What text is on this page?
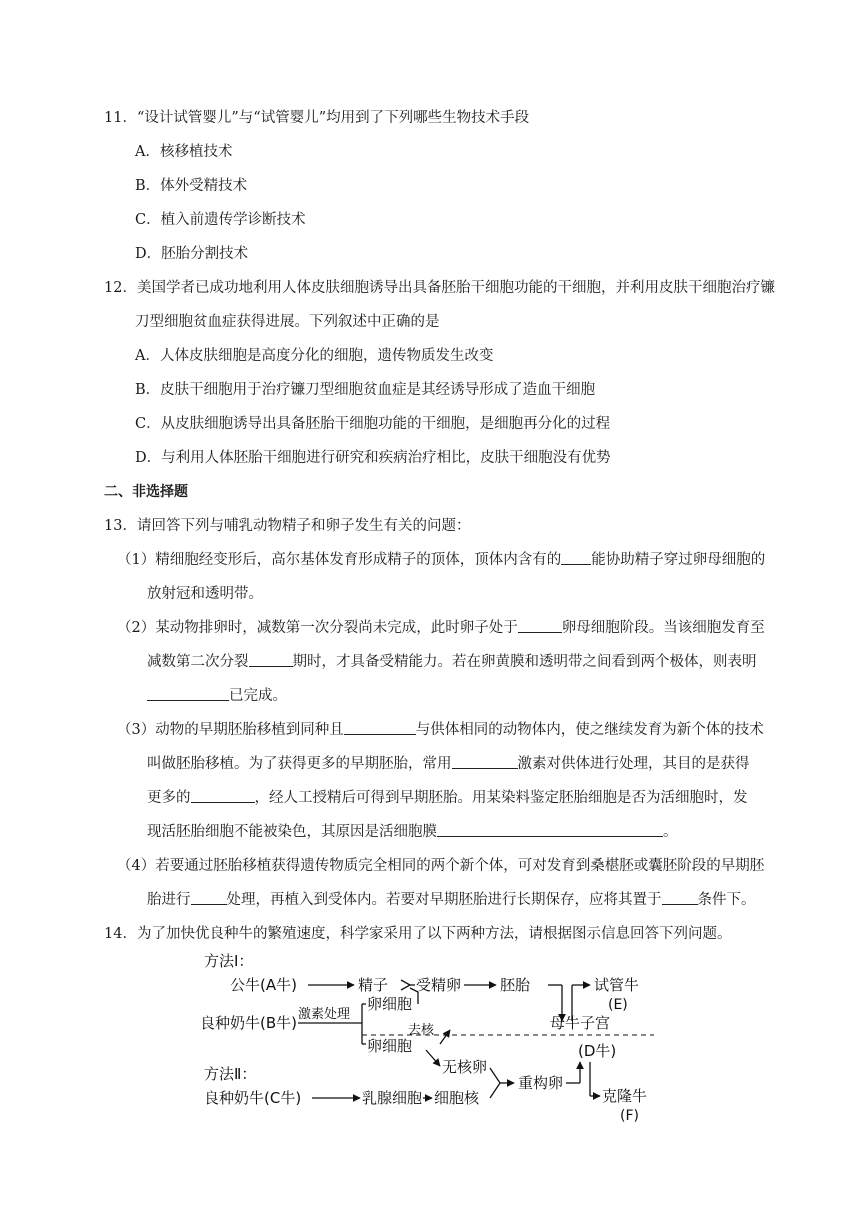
11．“设计试管婴儿”与“试管婴儿”均用到了下列哪些生物技术手段
A．核移植技术
B．体外受精技术
C．植入前遗传学诊断技术
D．胚胎分割技术
12．美国学者已成功地利用人体皮肤细胞诱导出具备胚胎干细胞功能的干细胞，并利用皮肤干细胞治疗镰
刀型细胞贫血症获得进展。下列叙述中正确的是
A．人体皮肤细胞是高度分化的细胞，遗传物质发生改变
B．皮肤干细胞用于治疗镰刀型细胞贫血症是其经诱导形成了造血干细胞
C．从皮肤细胞诱导出具备胚胎干细胞功能的干细胞，是细胞再分化的过程
D．与利用人体胚胎干细胞进行研究和疾病治疗相比，皮肤干细胞没有优势
二、非选择题
13．请回答下列与哺乳动物精子和卵子发生有关的问题：
（1）精细胞经变形后，高尔基体发育形成精子的顶体，顶体内含有的 能协助精子穿过卵母细胞的
放射冠和透明带。
（2）某动物排卵时，减数第一次分裂尚未完成，此时卵子处于	卵母细胞阶段。当该细胞发育至
减数第二次分裂	期时，才具备受精能力。若在卵黄膜和透明带之间看到两个极体，则表明
已完成。
（3）动物的早期胚胎移植到同种且	与供体相同的动物体内，使之继续发育为新个体的技术
叫做胚胎移植。为了获得更多的早期胚胎，常用	激素对供体进行处理，其目的是获得
更多的	，经人工授精后可得到早期胚胎。用某染料鉴定胚胎细胞是否为活细胞时，发
现活胚胎细胞不能被染色，其原因是活细胞膜	。
（4）若要通过胚胎移植获得遗传物质完全相同的两个新个体，可对发育到桑椹胚或囊胚阶段的早期胚
胎进行 处理，再植入到受体内。若要对早期胚胎进行长期保存，应将其置于 条件下。
14．为了加快优良种牛的繁殖速度，科学家采用了以下两种方法，请根据图示信息回答下列问题。
方法Ⅰ：
方法Ⅱ：
公牛(A牛)	精子 受精卵	胚胎	试管牛
(E)
良种奶牛(B牛) 激素处理
卵细胞
去核	母牛子宫
卵细胞
无核卵
(D牛)
良种奶牛(C牛)	乳腺细胞 细胞核
重构卵
克隆牛
(F)
